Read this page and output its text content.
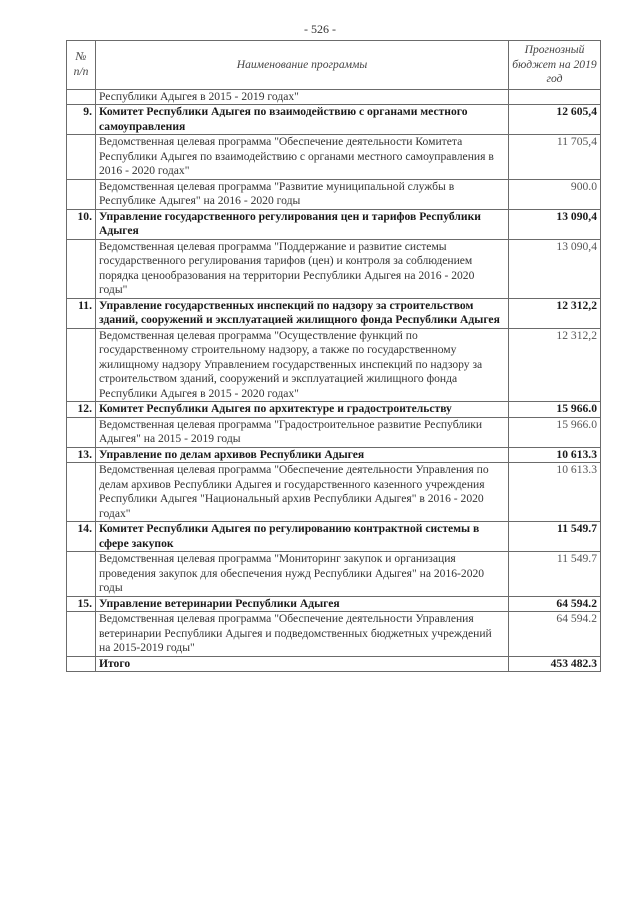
- 526 -
№ п/п	Наименование программы	Прогнозный бюджет на 2019 год
	Республики Адыгея в 2015 - 2019 годах"	
9.	Комитет Республики Адыгея по взаимодействию с органами местного самоуправления	12 605,4
	Ведомственная целевая программа "Обеспечение деятельности Комитета Республики Адыгея по взаимодействию с органами местного самоуправления в 2016 - 2020 годах"	11 705,4
	Ведомственная целевая программа "Развитие муниципальной службы в Республике Адыгея" на 2016 - 2020 годы	900.0
10.	Управление государственного регулирования цен и тарифов Республики Адыгея	13 090,4
	Ведомственная целевая программа "Поддержание и развитие системы государственного регулирования тарифов (цен) и контроля за соблюдением порядка ценообразования на территории Республики Адыгея на 2016 - 2020 годы"	13 090,4
11.	Управление государственных инспекций по надзору за строительством зданий, сооружений и эксплуатацией жилищного фонда Республики Адыгея	12 312,2
	Ведомственная целевая программа "Осуществление функций по государственному строительному надзору, а также по государственному жилищному надзору Управлением государственных инспекций по надзору за строительством зданий, сооружений и эксплуатацией жилищного фонда Республики Адыгея в 2015 - 2020 годах"	12 312,2
12.	Комитет Республики Адыгея по архитектуре и градостроительству	15 966.0
	Ведомственная целевая программа "Градостроительное развитие Республики Адыгея" на 2015 - 2019 годы	15 966.0
13.	Управление по делам архивов Республики Адыгея	10 613.3
	Ведомственная целевая программа "Обеспечение деятельности Управления по делам архивов Республики Адыгея и государственного казенного учреждения Республики Адыгея "Национальный архив Республики Адыгея" в 2016 - 2020 годах"	10 613.3
14.	Комитет Республики Адыгея по регулированию контрактной системы в сфере закупок	11 549.7
	Ведомственная целевая программа "Мониторинг закупок и организация проведения закупок для обеспечения нужд Республики Адыгея" на 2016-2020 годы	11 549.7
15.	Управление ветеринарии Республики Адыгея	64 594.2
	Ведомственная целевая программа "Обеспечение деятельности Управления ветеринарии Республики Адыгея и подведомственных бюджетных учреждений на 2015-2019 годы"	64 594.2
	Итого	453 482.3
